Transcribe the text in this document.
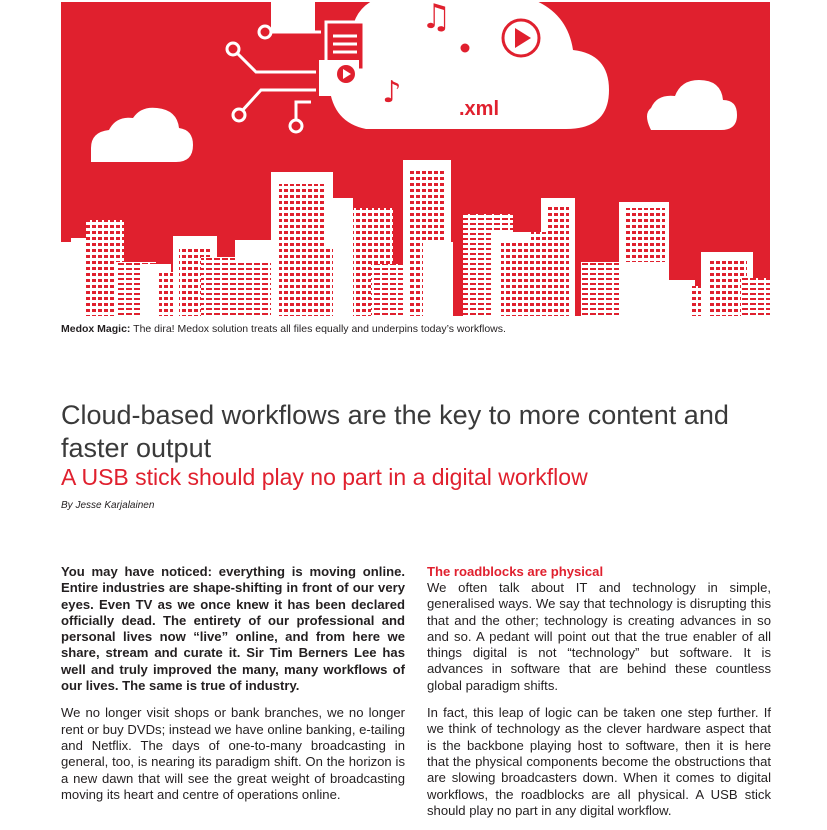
♪
♫
.xml
Medox Magic: The dira! Medox solution treats all files equally and underpins today’s workflows.
Cloud-based workflows are the key to more content and faster output
A USB stick should play no part in a digital workflow
By Jesse Karjalainen

You may have noticed: everything is moving online. Entire industries are shape-shifting in front of our very eyes. Even TV as we once knew it has been declared officially dead. The entirety of our professional and personal lives now “live” online, and from here we share, stream and curate it. Sir Tim Berners Lee has well and truly improved the many, many workflows of our lives. The same is true of industry.

We no longer visit shops or bank branches, we no longer rent or buy DVDs; instead we have online banking, e-tailing and Netflix. The days of one-to-many broadcasting in general, too, is nearing its paradigm shift. On the horizon is a new dawn that will see the great weight of broadcasting moving its heart and centre of operations online.

The roadblocks are physical

We often talk about IT and technology in simple, generalised ways. We say that technology is disrupting this that and the other; technology is creating advances in so and so. A pedant will point out that the true enabler of all things digital is not “technology” but software. It is advances in software that are behind these countless global paradigm shifts.

In fact, this leap of logic can be taken one step further. If we think of technology as the clever hardware aspect that is the backbone playing host to software, then it is here that the physical components become the obstructions that are slowing broadcasters down. When it comes to digital workflows, the roadblocks are all physical. A USB stick should play no part in any digital workflow.
